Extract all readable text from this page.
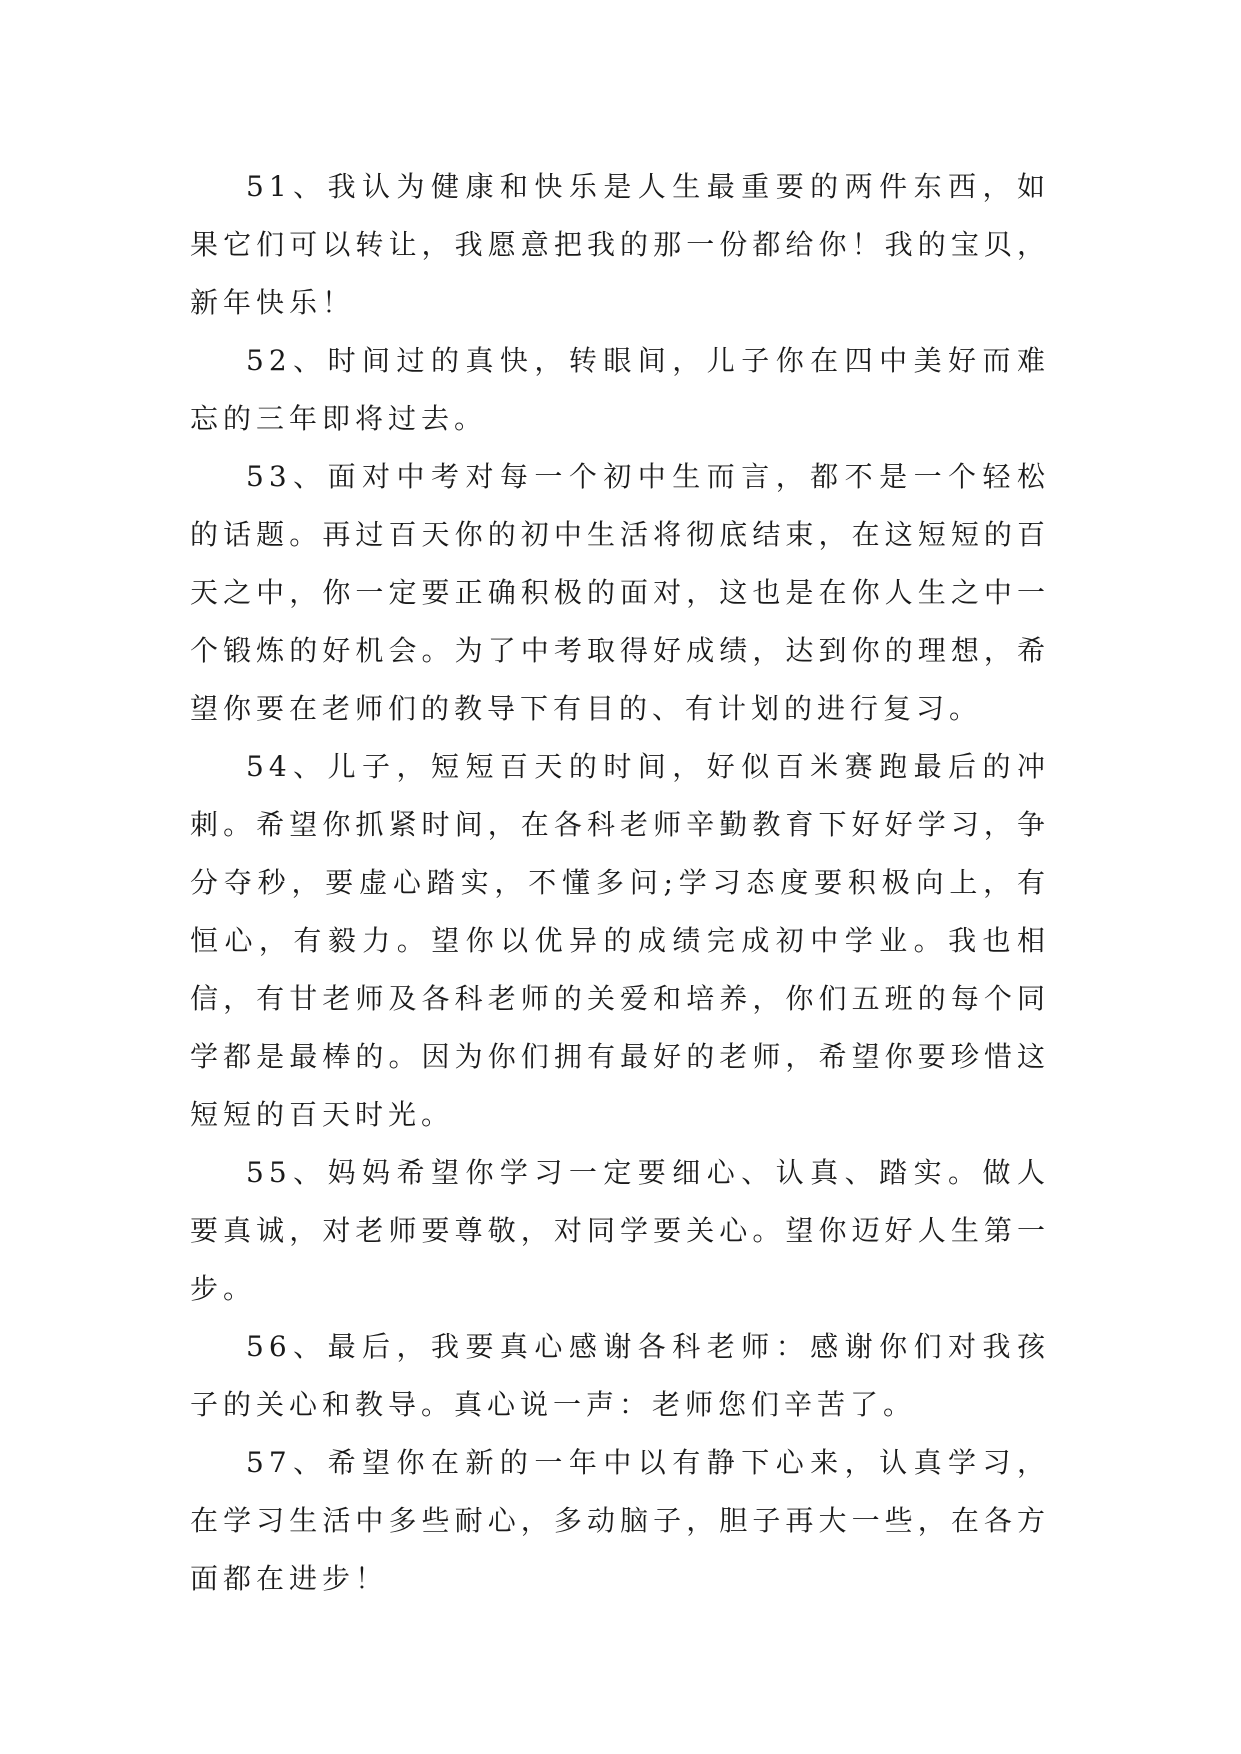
51、我认为健康和快乐是人生最重要的两件东西，如果它们可以转让，我愿意把我的那一份都给你！我的宝贝，新年快乐！

52、时间过的真快，转眼间，儿子你在四中美好而难忘的三年即将过去。

53、面对中考对每一个初中生而言，都不是一个轻松的话题。再过百天你的初中生活将彻底结束，在这短短的百天之中，你一定要正确积极的面对，这也是在你人生之中一个锻炼的好机会。为了中考取得好成绩，达到你的理想，希望你要在老师们的教导下有目的、有计划的进行复习。

54、儿子，短短百天的时间，好似百米赛跑最后的冲刺。希望你抓紧时间，在各科老师辛勤教育下好好学习，争分夺秒，要虚心踏实，不懂多问;学习态度要积极向上，有恒心，有毅力。望你以优异的成绩完成初中学业。我也相信，有甘老师及各科老师的关爱和培养，你们五班的每个同学都是最棒的。因为你们拥有最好的老师，希望你要珍惜这短短的百天时光。

55、妈妈希望你学习一定要细心、认真、踏实。做人要真诚，对老师要尊敬，对同学要关心。望你迈好人生第一步。

56、最后，我要真心感谢各科老师：感谢你们对我孩子的关心和教导。真心说一声：老师您们辛苦了。

57、希望你在新的一年中以有静下心来，认真学习，在学习生活中多些耐心，多动脑子，胆子再大一些，在各方面都在进步！
